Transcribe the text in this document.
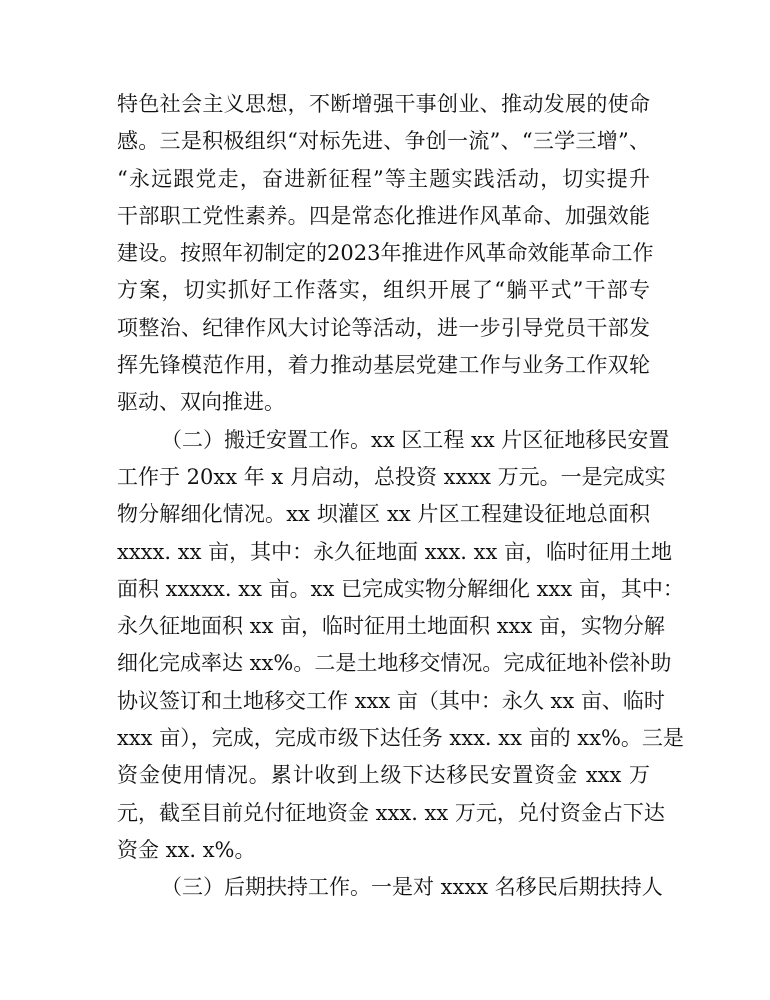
特色社会主义思想，不断增强干事创业、推动发展的使命
感。三是积极组织“对标先进、争创一流”、“三学三增”、
“永远跟党走，奋进新征程”等主题实践活动，切实提升
干部职工党性素养。四是常态化推进作风革命、加强效能
建设。按照年初制定的2023年推进作风革命效能革命工作
方案，切实抓好工作落实，组织开展了“躺平式”干部专
项整治、纪律作风大讨论等活动，进一步引导党员干部发
挥先锋模范作用，着力推动基层党建工作与业务工作双轮
驱动、双向推进。
（二）搬迁安置工作。xx 区工程 xx 片区征地移民安置
工作于 20xx 年 x 月启动，总投资 xxxx 万元。一是完成实
物分解细化情况。xx 坝灌区 xx 片区工程建设征地总面积
xxxx. xx 亩，其中：永久征地面 xxx. xx 亩，临时征用土地
面积 xxxxx. xx 亩。xx 已完成实物分解细化 xxx 亩，其中：
永久征地面积 xx 亩，临时征用土地面积 xxx 亩，实物分解
细化完成率达 xx%。二是土地移交情况。完成征地补偿补助
协议签订和土地移交工作 xxx 亩（其中：永久 xx 亩、临时
xxx 亩），完成，完成市级下达任务 xxx. xx 亩的 xx%。三是
资金使用情况。累计收到上级下达移民安置资金 xxx 万
元，截至目前兑付征地资金 xxx. xx 万元，兑付资金占下达
资金 xx. x%。
（三）后期扶持工作。一是对 xxxx 名移民后期扶持人
